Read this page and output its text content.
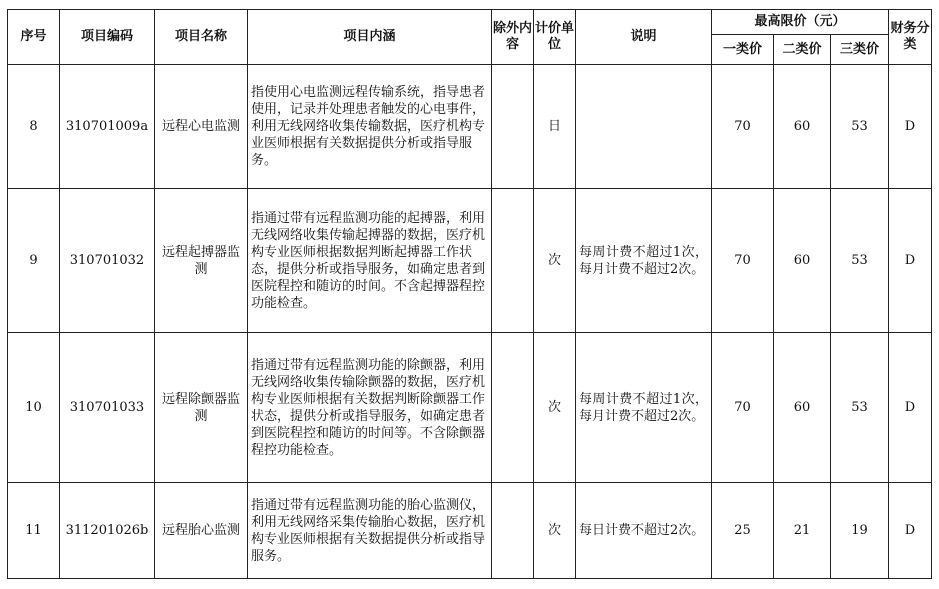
序号	项目编码	项目名称	项目内涵	除外内容	计价单位	说明	最高限价（元）			财务分类
							一类价	二类价	三类价	
8	310701009a	远程心电监测	指使用心电监测远程传输系统，指导患者使用，记录并处理患者触发的心电事件，利用无线网络收集传输数据，医疗机构专业医师根据有关数据提供分析或指导服务。		日		70	60	53	D
9	310701032	远程起搏器监测	指通过带有远程监测功能的起搏器，利用无线网络收集传输起搏器的数据，医疗机构专业医师根据数据判断起搏器工作状态，提供分析或指导服务，如确定患者到医院程控和随访的时间。不含起搏器程控功能检查。		次	每周计费不超过1次，每月计费不超过2次。	70	60	53	D
10	310701033	远程除颤器监测	指通过带有远程监测功能的除颤器，利用无线网络收集传输除颤器的数据，医疗机构专业医师根据有关数据判断除颤器工作状态，提供分析或指导服务，如确定患者到医院程控和随访的时间等。不含除颤器程控功能检查。		次	每周计费不超过1次，每月计费不超过2次。	70	60	53	D
11	311201026b	远程胎心监测	指通过带有远程监测功能的胎心监测仪，利用无线网络采集传输胎心数据，医疗机构专业医师根据有关数据提供分析或指导服务。		次	每日计费不超过2次。	25	21	19	D
